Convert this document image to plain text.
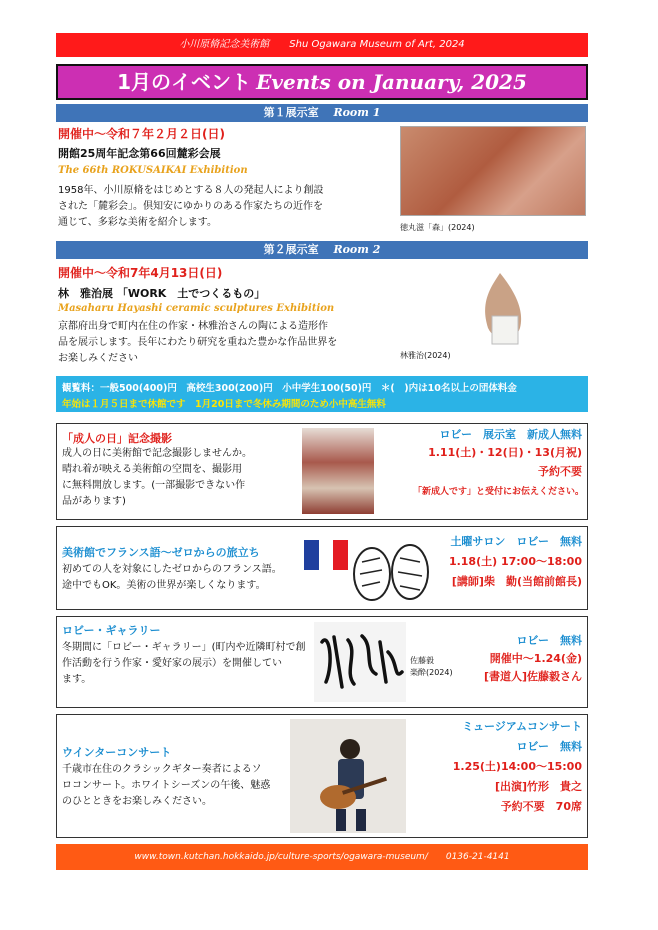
小川原脩記念美術館　　Shu Ogawara Museum of Art, 2024
1月のイベント Events on January, 2025
第１展示室　 Room 1
開催中～令和７年２月２日(日)
開館25周年記念第66回麓彩会展
The 66th ROKUSAIKAI Exhibition
1958年、小川原脩をはじめとする８人の発起人により創設
された「麓彩会」。倶知安にゆかりのある作家たちの近作を
通じて、多彩な美術を紹介します。	徳丸滋「森」(2024)
第２展示室　 Room 2
開催中～令和7年4月13日(日)
林　雅治展 「WORK　土でつくるもの」
Masaharu Hayashi ceramic sculptures Exhibition
京都府出身で町内在住の作家・林雅治さんの陶による造形作
品を展示します。長年にわたり研究を重ねた豊かな作品世界を
お楽しみください	林雅治(2024)
観覧料：一般500(400)円　高校生300(200)円　小中学生100(50)円　＊(　)内は10名以上の団体料金
年始は１月５日まで休館です　1月20日まで冬休み期間のため小中高生無料
「成人の日」記念撮影
成人の日に美術館で記念撮影しませんか。
晴れ着が映える美術館の空間を、撮影用
に無料開放します。(一部撮影できない作
品があります)
ロビー　展示室　新成人無料
1.11(土)・12(日)・13(月祝)
予約不要
「新成人です」と受付にお伝えください。
美術館でフランス語～ゼロからの旅立ち
初めての人を対象にしたゼロからのフランス語。
途中でもOK。美術の世界が楽しくなります。
土曜サロン　ロビー　無料
1.18(土) 17:00～18:00
[講師]柴　勤(当館前館長)
ロビー・ギャラリー
冬期間に「ロビー・ギャラリー」(町内や近隣町村で創
作活動を行う作家・愛好家の展示）を開催してい
ます。
佐藤毅
楽酔(2024)
ロビー　無料
開催中～1.24(金)
[書道人]佐藤毅さん
ウインターコンサート
千歳市在住のクラシックギター奏者によるソ
ロコンサート。ホワイトシーズンの午後、魅惑
のひとときをお楽しみください。
ミュージアムコンサート
ロビー　無料
1.25(土)14:00～15:00
[出演]竹形　貴之
予約不要　70席
www.town.kutchan.hokkaido.jp/culture-sports/ogawara-museum/　　0136-21-4141
